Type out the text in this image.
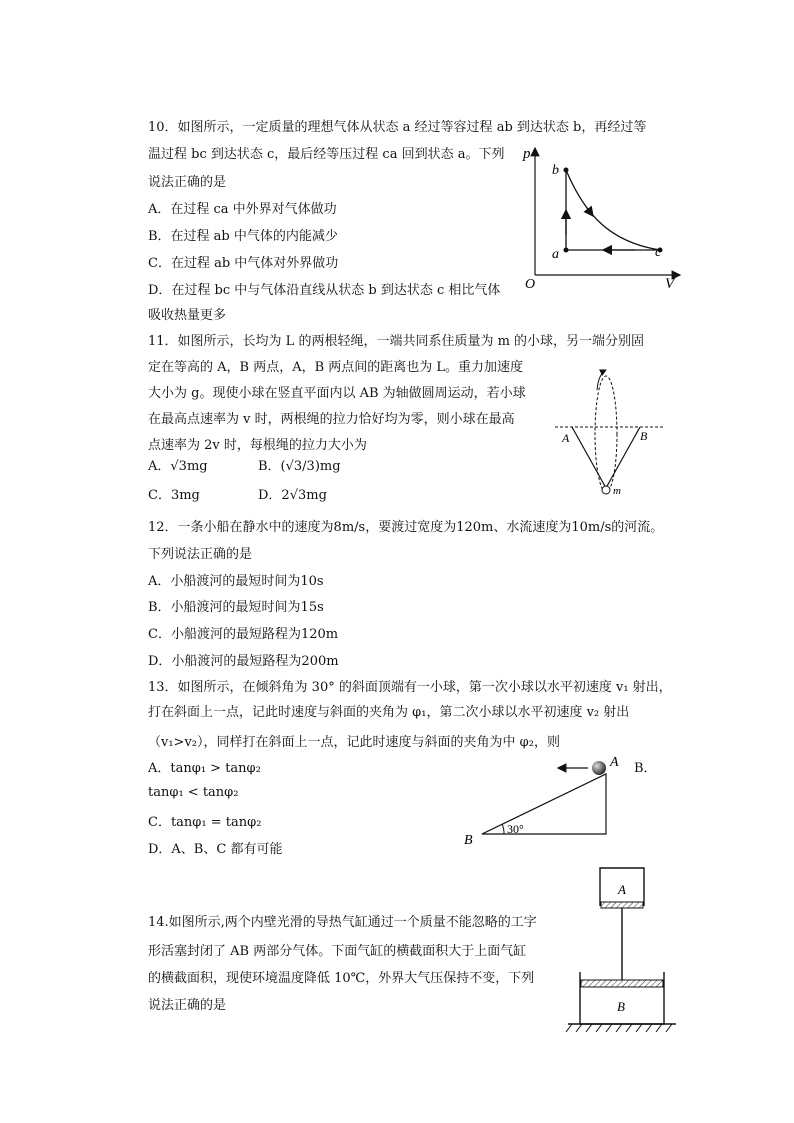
10．如图所示，一定质量的理想气体从状态 a 经过等容过程 ab 到达状态 b，再经过等
温过程 bc 到达状态 c，最后经等压过程 ca 回到状态 a。下列
说法正确的是
A．在过程 ca 中外界对气体做功
B．在过程 ab 中气体的内能减少
C．在过程 ab 中气体对外界做功
D．在过程 bc 中与气体沿直线从状态 b 到达状态 c 相比气体
吸收热量更多
p
V
O
a
b
c
11．如图所示，长均为 L 的两根轻绳，一端共同系住质量为 m 的小球，另一端分别固
定在等高的 A，B 两点，A，B 两点间的距离也为 L。重力加速度
大小为 g。现使小球在竖直平面内以 AB 为轴做圆周运动，若小球
在最高点速率为 v 时，两根绳的拉力恰好均为零，则小球在最高
点速率为 2v 时，每根绳的拉力大小为
A．√3mg	B．(√3/3)mg
C．3mg	D．2√3mg
A	B
m
12．一条小船在静水中的速度为8m/s，要渡过宽度为120m、水流速度为10m/s的河流。
下列说法正确的是
A．小船渡河的最短时间为10s
B．小船渡河的最短时间为15s
C．小船渡河的最短路程为120m
D．小船渡河的最短路程为200m
13．如图所示，在倾斜角为 30° 的斜面顶端有一小球，第一次小球以水平初速度 v₁ 射出，
打在斜面上一点，记此时速度与斜面的夹角为 φ₁，第二次小球以水平初速度 v₂ 射出
（v₁>v₂），同样打在斜面上一点，记此时速度与斜面的夹角为中 φ₂，则
A．tanφ₁ > tanφ₂	B．
tanφ₁ < tanφ₂
C．tanφ₁ = tanφ₂
D．A、B、C 都有可能
30°
A
B
14.如图所示,两个内壁光滑的导热气缸通过一个质量不能忽略的工字
形活塞封闭了 AB 两部分气体。下面气缸的横截面积大于上面气缸
的横截面积，现使环境温度降低 10℃，外界大气压保持不变，下列
说法正确的是
A
B
